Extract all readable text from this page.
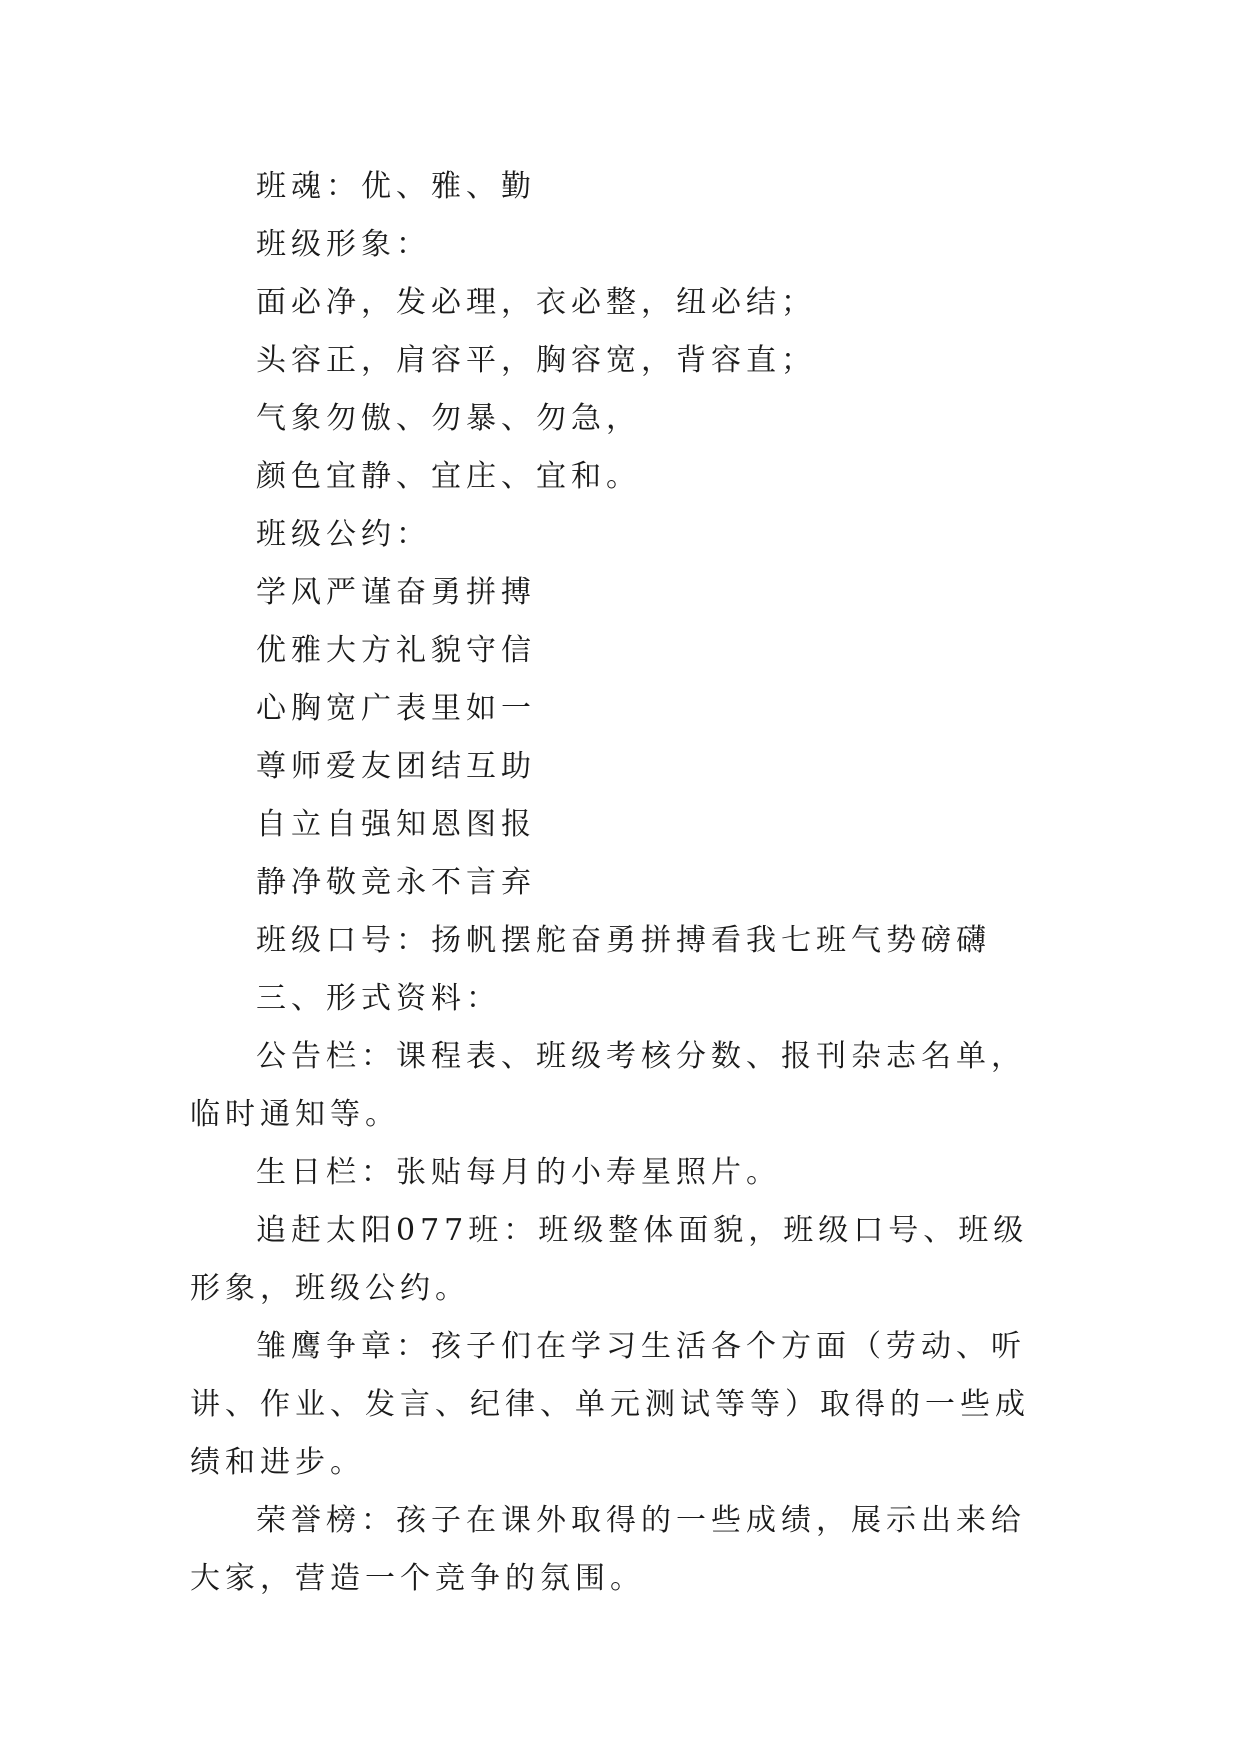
班魂：优、雅、勤

班级形象：

面必净，发必理，衣必整，纽必结；

头容正，肩容平，胸容宽，背容直；

气象勿傲、勿暴、勿急，

颜色宜静、宜庄、宜和。

班级公约：

学风严谨奋勇拼搏

优雅大方礼貌守信

心胸宽广表里如一

尊师爱友团结互助

自立自强知恩图报

静净敬竞永不言弃

班级口号：扬帆摆舵奋勇拼搏看我七班气势磅礴

三、形式资料：

公告栏：课程表、班级考核分数、报刊杂志名单，临时通知等。

生日栏：张贴每月的小寿星照片。

追赶太阳077班：班级整体面貌，班级口号、班级形象，班级公约。

雏鹰争章：孩子们在学习生活各个方面（劳动、听讲、作业、发言、纪律、单元测试等等）取得的一些成绩和进步。

荣誉榜：孩子在课外取得的一些成绩，展示出来给大家，营造一个竞争的氛围。
